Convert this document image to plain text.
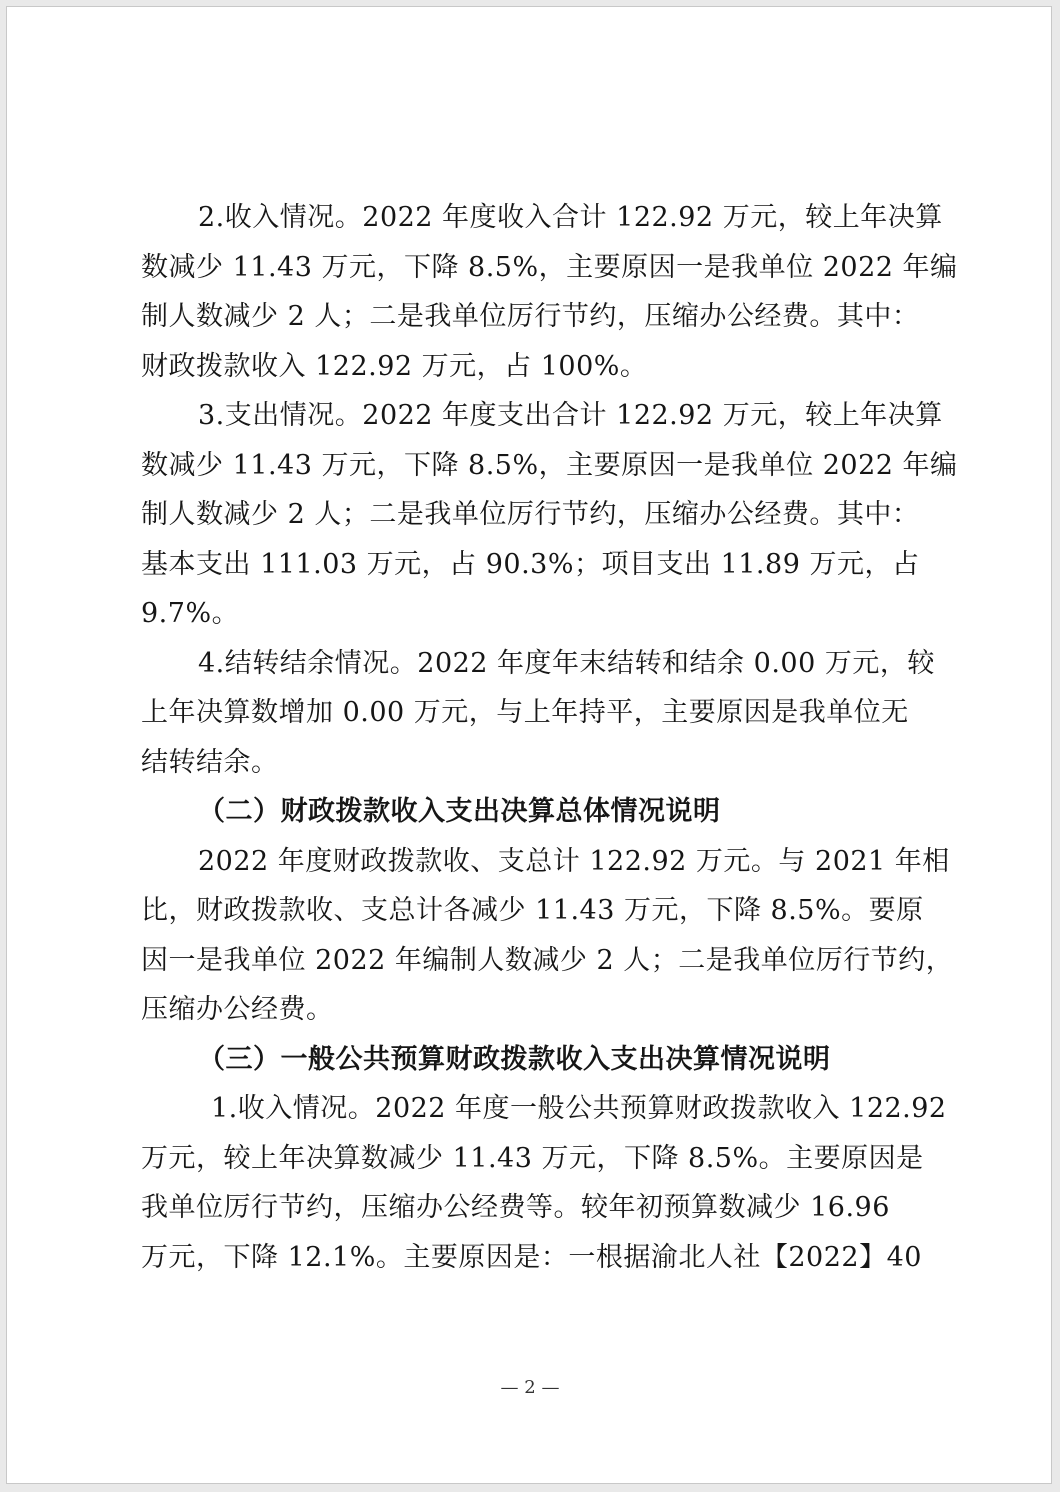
2.收入情况。2022 年度收入合计 122.92 万元，较上年决算
数减少 11.43 万元，下降 8.5%，主要原因一是我单位 2022 年编
制人数减少 2 人；二是我单位厉行节约，压缩办公经费。其中：
财政拨款收入 122.92 万元，占 100%。
3.支出情况。2022 年度支出合计 122.92 万元，较上年决算
数减少 11.43 万元，下降 8.5%，主要原因一是我单位 2022 年编
制人数减少 2 人；二是我单位厉行节约，压缩办公经费。其中：
基本支出 111.03 万元，占 90.3%；项目支出 11.89 万元，占
9.7%。
4.结转结余情况。2022 年度年末结转和结余 0.00 万元，较
上年决算数增加 0.00 万元，与上年持平，主要原因是我单位无
结转结余。
（二）财政拨款收入支出决算总体情况说明
2022 年度财政拨款收、支总计 122.92 万元。与 2021 年相
比，财政拨款收、支总计各减少 11.43 万元，下降 8.5%。要原
因一是我单位 2022 年编制人数减少 2 人；二是我单位厉行节约，
压缩办公经费。
（三）一般公共预算财政拨款收入支出决算情况说明
1.收入情况。2022 年度一般公共预算财政拨款收入 122.92
万元，较上年决算数减少 11.43 万元，下降 8.5%。主要原因是
我单位厉行节约，压缩办公经费等。较年初预算数减少 16.96
万元，下降 12.1%。主要原因是：一根据渝北人社【2022】40
— 2 —
